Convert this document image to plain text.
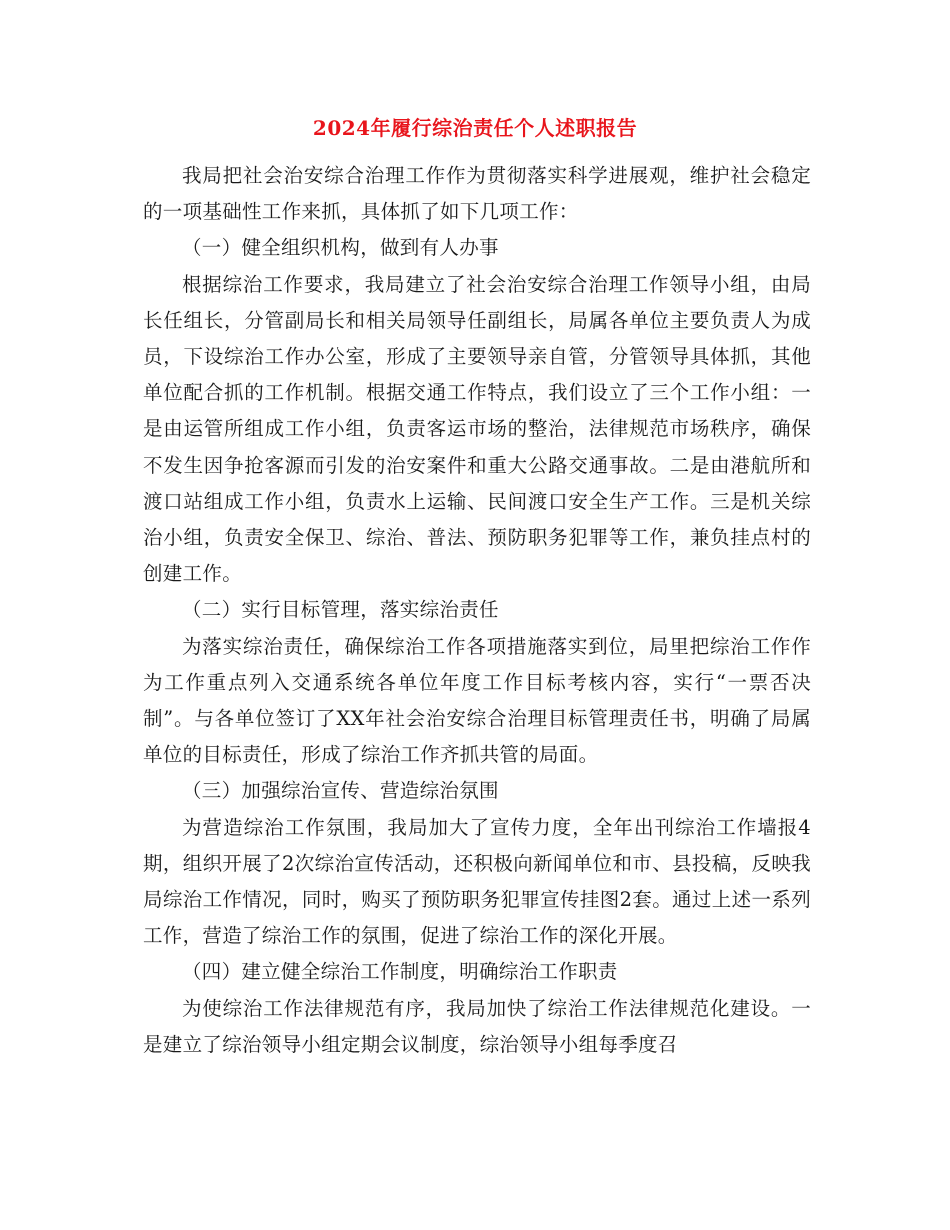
2024年履行综治责任个人述职报告

我局把社会治安综合治理工作作为贯彻落实科学进展观，维护社会稳定的一项基础性工作来抓，具体抓了如下几项工作：

（一）健全组织机构，做到有人办事

根据综治工作要求，我局建立了社会治安综合治理工作领导小组，由局长任组长，分管副局长和相关局领导任副组长，局属各单位主要负责人为成员，下设综治工作办公室，形成了主要领导亲自管，分管领导具体抓，其他单位配合抓的工作机制。根据交通工作特点，我们设立了三个工作小组：一是由运管所组成工作小组，负责客运市场的整治，法律规范市场秩序，确保不发生因争抢客源而引发的治安案件和重大公路交通事故。二是由港航所和渡口站组成工作小组，负责水上运输、民间渡口安全生产工作。三是机关综治小组，负责安全保卫、综治、普法、预防职务犯罪等工作，兼负挂点村的创建工作。

（二）实行目标管理，落实综治责任

为落实综治责任，确保综治工作各项措施落实到位，局里把综治工作作为工作重点列入交通系统各单位年度工作目标考核内容，实行“一票否决制”。与各单位签订了XX年社会治安综合治理目标管理责任书，明确了局属单位的目标责任，形成了综治工作齐抓共管的局面。

（三）加强综治宣传、营造综治氛围

为营造综治工作氛围，我局加大了宣传力度，全年出刊综治工作墙报4期，组织开展了2次综治宣传活动，还积极向新闻单位和市、县投稿，反映我局综治工作情况，同时，购买了预防职务犯罪宣传挂图2套。通过上述一系列工作，营造了综治工作的氛围，促进了综治工作的深化开展。

（四）建立健全综治工作制度，明确综治工作职责

为使综治工作法律规范有序，我局加快了综治工作法律规范化建设。一是建立了综治领导小组定期会议制度，综治领导小组每季度召
